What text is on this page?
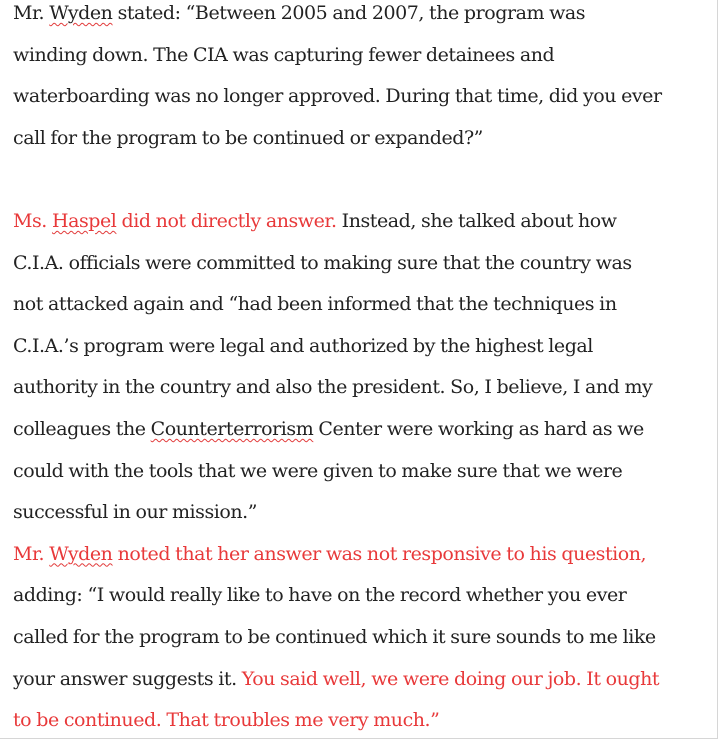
Mr. Wyden stated: “Between 2005 and 2007, the program was
winding down. The CIA was capturing fewer detainees and
waterboarding was no longer approved. During that time, did you ever
call for the program to be continued or expanded?”
Ms. Haspel did not directly answer. Instead, she talked about how
C.I.A. officials were committed to making sure that the country was
not attacked again and “had been informed that the techniques in
C.I.A.’s program were legal and authorized by the highest legal
authority in the country and also the president. So, I believe, I and my
colleagues the Counterterrorism Center were working as hard as we
could with the tools that we were given to make sure that we were
successful in our mission.”
Mr. Wyden noted that her answer was not responsive to his question,
adding: “I would really like to have on the record whether you ever
called for the program to be continued which it sure sounds to me like
your answer suggests it. You said well, we were doing our job. It ought
to be continued. That troubles me very much.”
